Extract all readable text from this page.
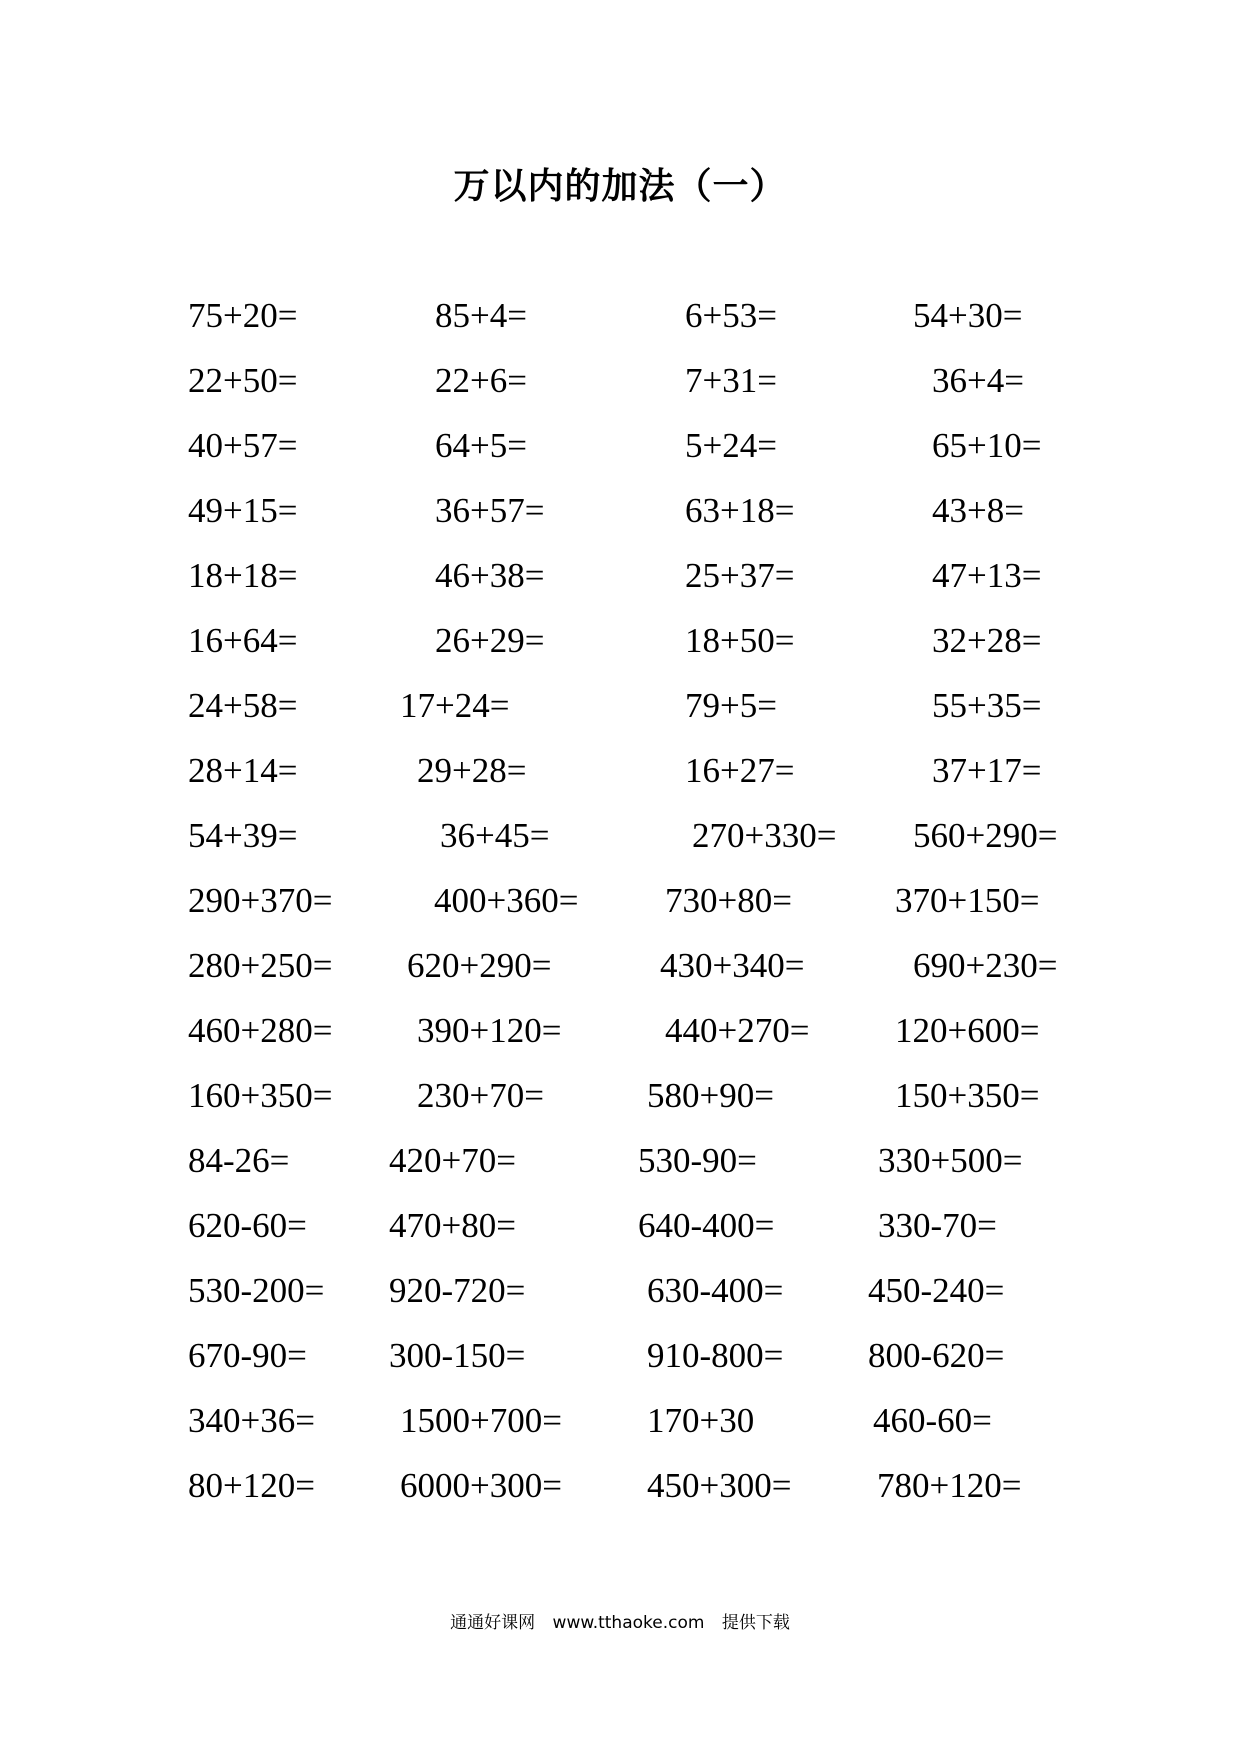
万以内的加法（一）
75+20=	85+4=	6+53=	54+30=
22+50=	22+6=	7+31=	36+4=
40+57=	64+5=	5+24=	65+10=
49+15=	36+57=	63+18=	43+8=
18+18=	46+38=	25+37=	47+13=
16+64=	26+29=	18+50=	32+28=
24+58=	17+24=	79+5=	55+35=
28+14=	29+28=	16+27=	37+17=
54+39=	36+45=	270+330= 560+290=
290+370=	400+360= 730+80=	370+150=
280+250= 620+290=	430+340=	690+230=
460+280= 390+120=	440+270= 120+600=
160+350= 230+70=	580+90=	150+350=
84-26=	420+70=	530-90=	330+500=
620-60= 470+80=	640-400=	330-70=
530-200= 920-720=	630-400= 450-240=
670-90= 300-150=	910-800= 800-620=
340+36= 1500+700= 170+30	460-60=
80+120= 6000+300= 450+300= 780+120=
通通好课网 www.tthaoke.com 提供下载
